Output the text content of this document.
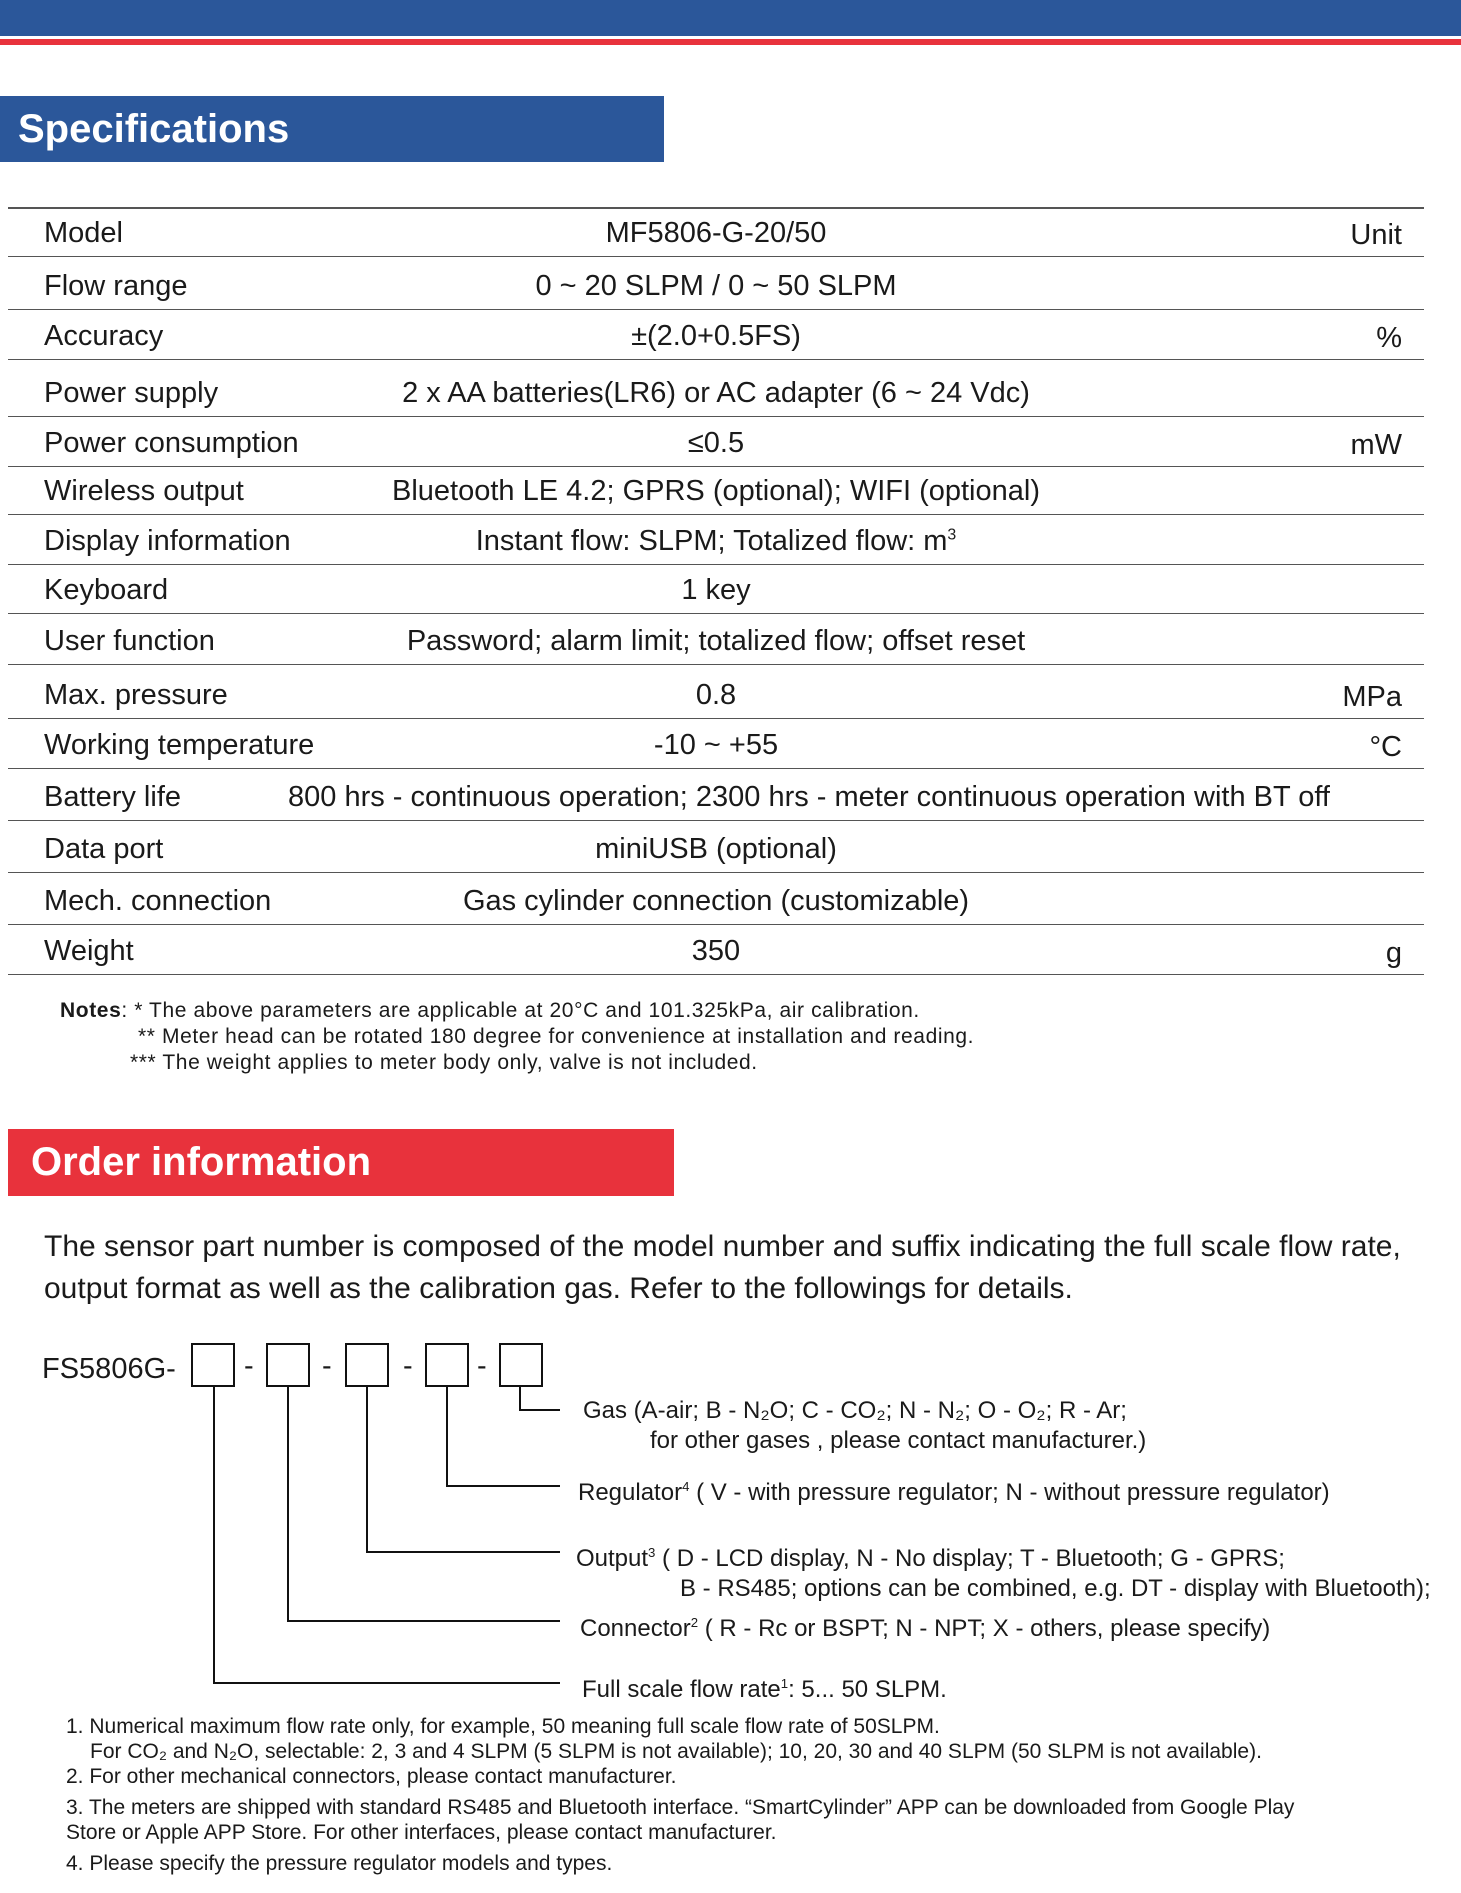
Specifications
Model	MF5806-G-20/50	Unit
Flow range	0 ~ 20 SLPM / 0 ~ 50 SLPM
Accuracy	±(2.0+0.5FS)	%
Power supply	2 x AA batteries(LR6) or AC adapter (6 ~ 24 Vdc)
Power consumption	≤0.5	mW
Wireless output	Bluetooth LE 4.2; GPRS (optional); WIFI (optional)
Display information	Instant flow: SLPM; Totalized flow: $m^3$
Keyboard	1 key
User function	Password; alarm limit; totalized flow; offset reset
Max. pressure	0.8	MPa
Working temperature	-10 ~ +55	°C
Battery life	800 hrs - continuous operation; 2300 hrs - meter continuous operation with BT off
Data port	miniUSB (optional)
Mech. connection	Gas cylinder connection (customizable)
Weight	350	g
Notes: * The above parameters are applicable at 20°C and 101.325kPa, air calibration.
** Meter head can be rotated 180 degree for convenience at installation and reading.
*** The weight applies to meter body only, valve is not included.
Order information
The sensor part number is composed of the model number and suffix indicating the full scale flow rate, output format as well as the calibration gas. Refer to the followings for details.
FS5806G- - - - -
Gas (A-air; B - N₂O; C - CO₂; N - N₂; O - O₂; R - Ar;
for other gases , please contact manufacturer.)
Regulator$^4$ ( V - with pressure regulator; N - without pressure regulator)
Output$^3$ ( D - LCD display, N - No display; T - Bluetooth; G - GPRS;
B - RS485; options can be combined, e.g. DT - display with Bluetooth);
Connector$^2$ ( R - Rc or BSPT; N - NPT; X - others, please specify)
Full scale flow rate$^1$: 5... 50 SLPM.
1. Numerical maximum flow rate only, for example, 50 meaning full scale flow rate of 50SLPM.
For CO₂ and N₂O, selectable: 2, 3 and 4 SLPM (5 SLPM is not available); 10, 20, 30 and 40 SLPM (50 SLPM is not available).
2. For other mechanical connectors, please contact manufacturer.
3. The meters are shipped with standard RS485 and Bluetooth interface. “SmartCylinder” APP can be downloaded from Google Play
Store or Apple APP Store. For other interfaces, please contact manufacturer.
4. Please specify the pressure regulator models and types.
